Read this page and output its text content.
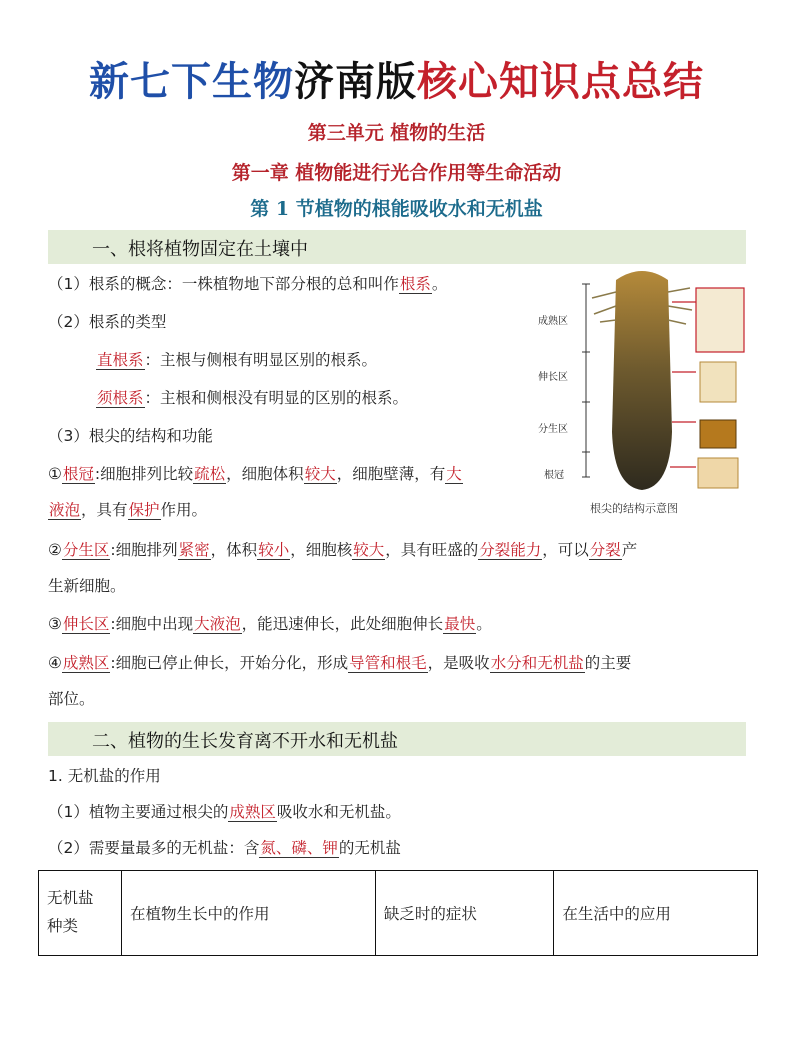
新七下生物济南版核心知识点总结
第三单元 植物的生活
第一章 植物能进行光合作用等生命活动
第 1 节植物的根能吸收水和无机盐
一、根将植物固定在土壤中
（1）根系的概念：一株植物地下部分根的总和叫作根系。
（2）根系的类型
直根系：主根与侧根有明显区别的根系。
须根系：主根和侧根没有明显的区别的根系。
（3）根尖的结构和功能
①根冠:细胞排列比较疏松，细胞体积较大，细胞壁薄，有大
液泡，具有保护作用。
②分生区:细胞排列紧密，体积较小，细胞核较大，具有旺盛的分裂能力，可以分裂产
生新细胞。
③伸长区:细胞中出现大液泡，能迅速伸长，此处细胞伸长最快。
④成熟区:细胞已停止伸长，开始分化，形成导管和根毛，是吸收水分和无机盐的主要
部位。
成熟区
伸长区
分生区
根冠
根尖的结构示意图
二、植物的生长发育离不开水和无机盐
1. 无机盐的作用
（1）植物主要通过根尖的成熟区吸收水和无机盐。
（2）需要量最多的无机盐：含氮、磷、钾的无机盐
无机盐
种类	在植物生长中的作用	缺乏时的症状	在生活中的应用
